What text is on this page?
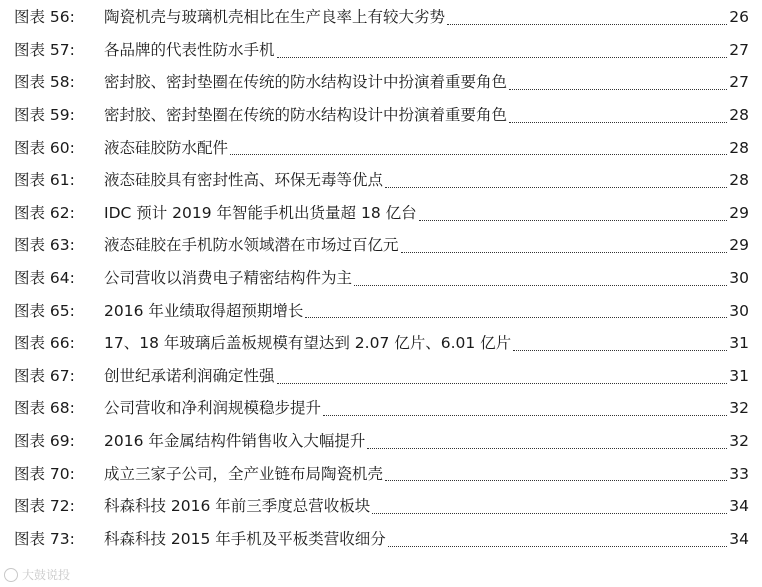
图表 56: 陶瓷机壳与玻璃机壳相比在生产良率上有较大劣势	26
图表 57: 各品牌的代表性防水手机	27
图表 58: 密封胶、密封垫圈在传统的防水结构设计中扮演着重要角色	27
图表 59: 密封胶、密封垫圈在传统的防水结构设计中扮演着重要角色	28
图表 60: 液态硅胶防水配件	28
图表 61: 液态硅胶具有密封性高、环保无毒等优点	28
图表 62: IDC 预计 2019 年智能手机出货量超 18 亿台	29
图表 63: 液态硅胶在手机防水领域潜在市场过百亿元	29
图表 64: 公司营收以消费电子精密结构件为主	30
图表 65: 2016 年业绩取得超预期增长	30
图表 66: 17、18 年玻璃后盖板规模有望达到 2.07 亿片、6.01 亿片	31
图表 67: 创世纪承诺利润确定性强	31
图表 68: 公司营收和净利润规模稳步提升	32
图表 69: 2016 年金属结构件销售收入大幅提升	32
图表 70: 成立三家子公司，全产业链布局陶瓷机壳	33
图表 72: 科森科技 2016 年前三季度总营收板块	34
图表 73: 科森科技 2015 年手机及平板类营收细分	34
大鼓说投
